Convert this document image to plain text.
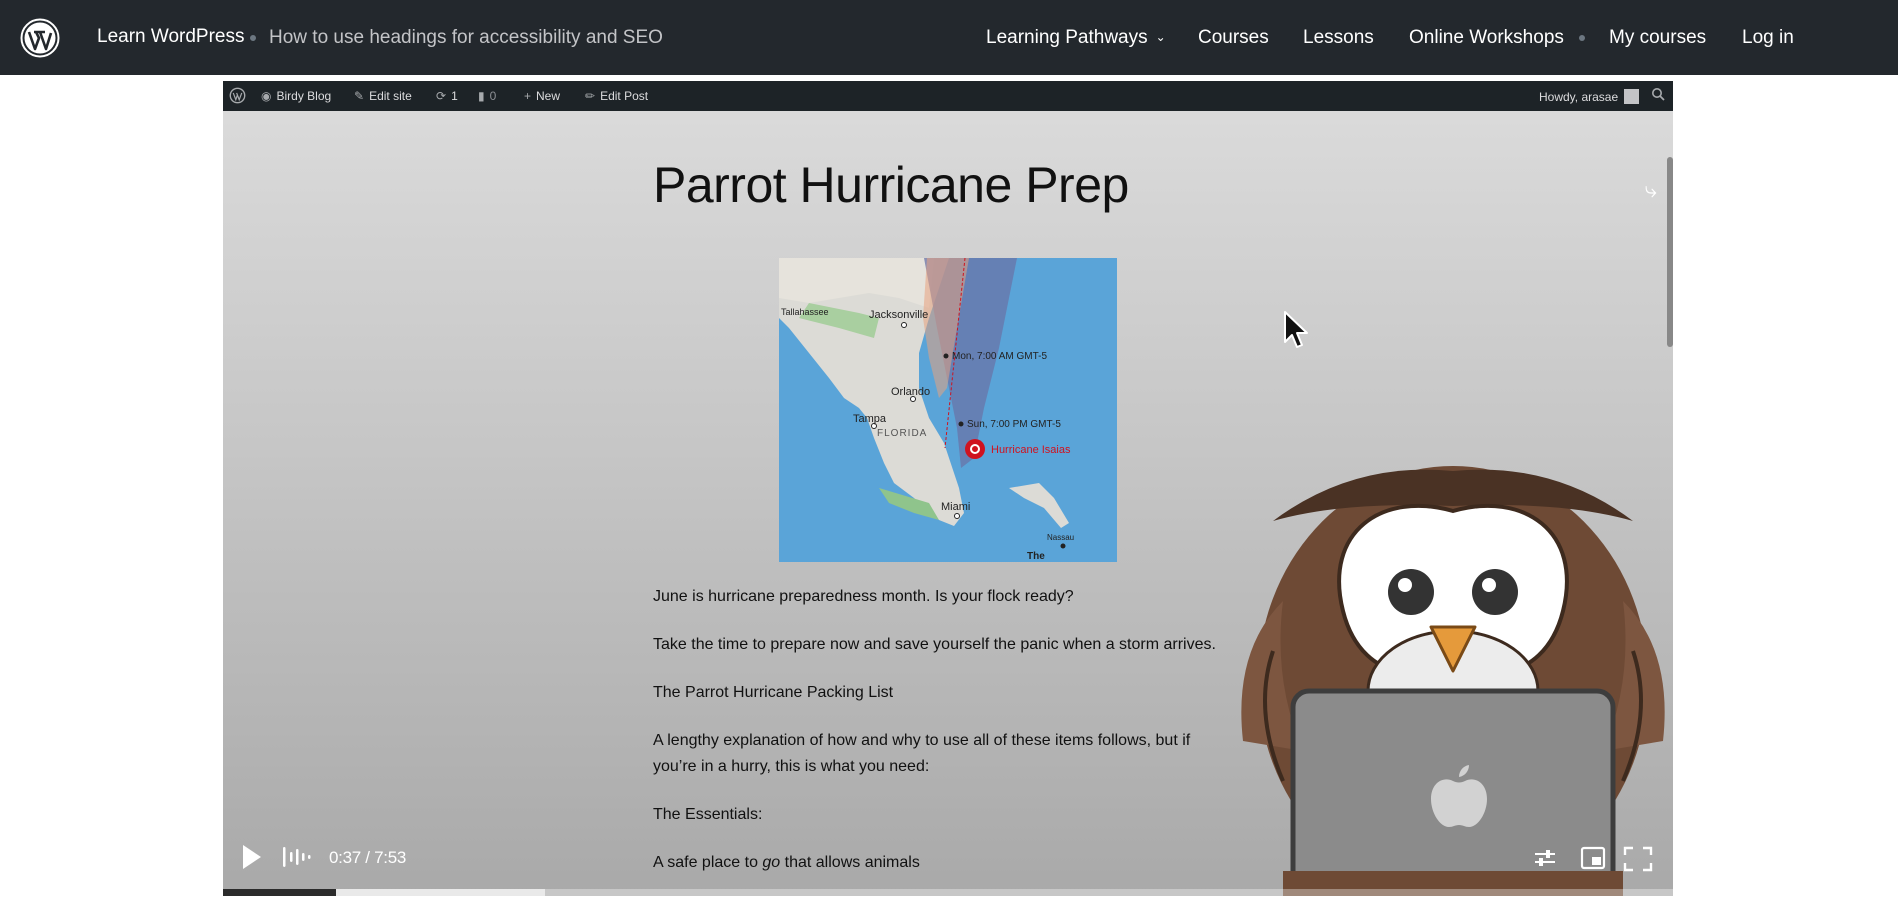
Learn WordPress How to use headings for accessibility and SEO	Learning Pathways ⌄ Courses Lessons Online Workshops My courses Log in
◉ Birdy Blog ✎ Edit site ⟳ 1 ▮ 0 + New ✏ Edit Post	Howdy, arasae
⤷
Parrot Hurricane Prep
Tallahassee	Jacksonville
Orlando
Tampa
FLORIDA
Miami
Nassau
The
Mon, 7:00 AM GMT-5
Sun, 7:00 PM GMT-5
Hurricane Isaias

June is hurricane preparedness month. Is your flock ready?

Take the time to prepare now and save yourself the panic when a storm arrives.

The Parrot Hurricane Packing List

A lengthy explanation of how and why to use all of these items follows, but if you’re in a hurry, this is what you need:

The Essentials:

A safe place to go that allows animals

0:37 / 7:53
